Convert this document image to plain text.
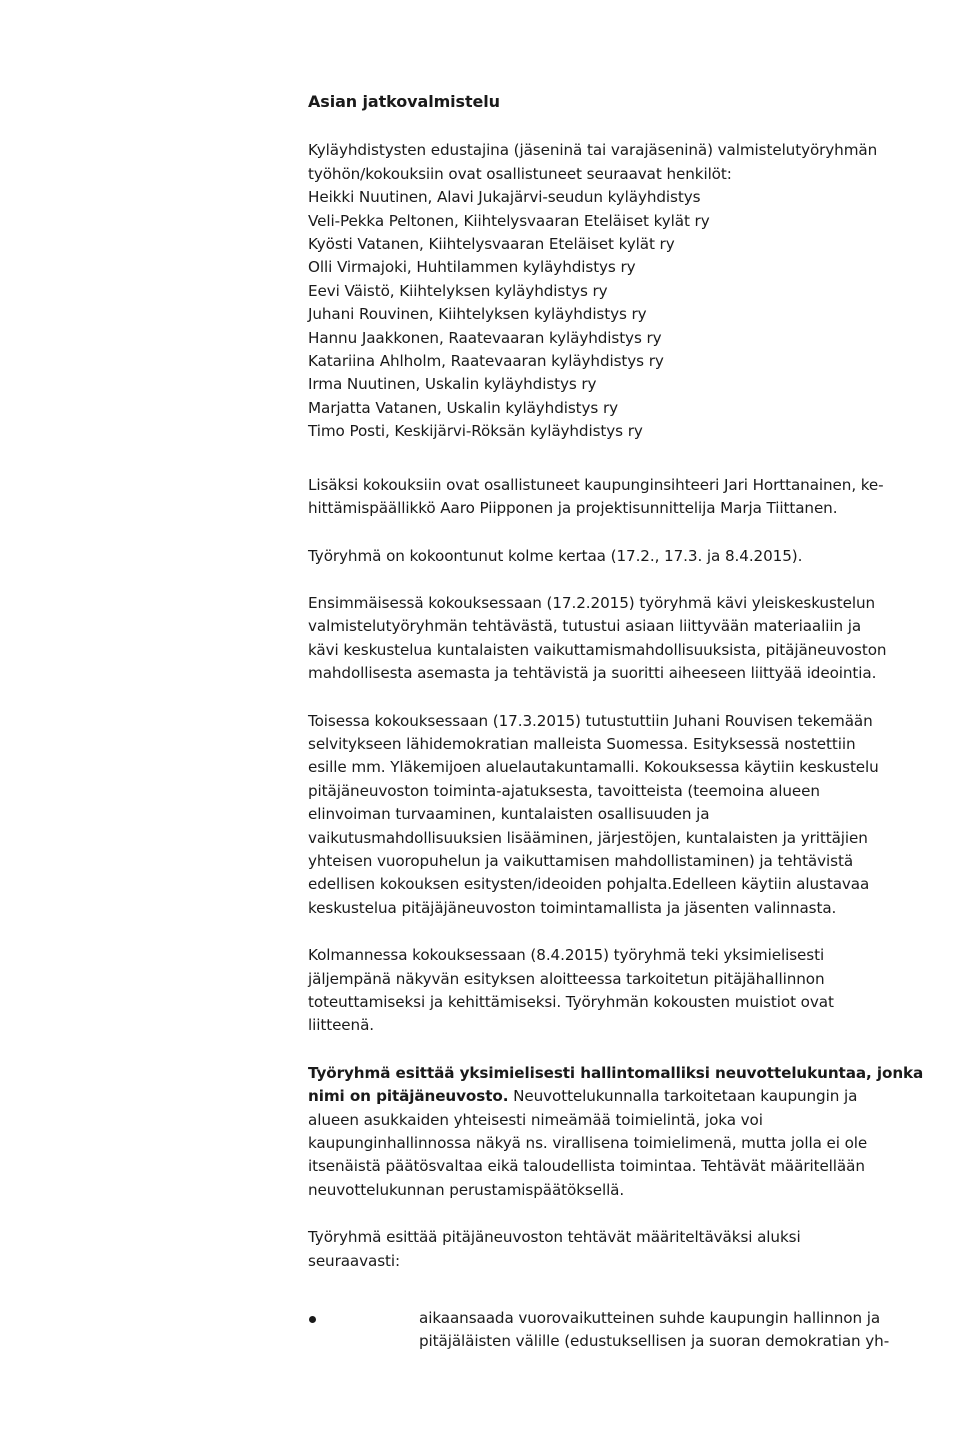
Asian jatkovalmistelu
Kyläyhdistysten edustajina (jäseninä tai varajäseninä) valmistelutyöryhmän
työhön/kokouksiin ovat osallistuneet seuraavat henkilöt:
Heikki Nuutinen, Alavi Jukajärvi-seudun kyläyhdistys
Veli-Pekka Peltonen, Kiihtelysvaaran Eteläiset kylät ry
Kyösti Vatanen, Kiihtelysvaaran Eteläiset kylät ry
Olli Virmajoki, Huhtilammen kyläyhdistys ry
Eevi Väistö, Kiihtelyksen kyläyhdistys ry
Juhani Rouvinen, Kiihtelyksen kyläyhdistys ry
Hannu Jaakkonen, Raatevaaran kyläyhdistys ry
Katariina Ahlholm, Raatevaaran kyläyhdistys ry
Irma Nuutinen, Uskalin kyläyhdistys ry
Marjatta Vatanen, Uskalin kyläyhdistys ry
Timo Posti, Keskijärvi-Röksän kyläyhdistys ry
Lisäksi kokouksiin ovat osallistuneet kaupunginsihteeri Jari Horttanainen, ke-
hittämispäällikkö Aaro Piipponen ja projektisunnittelija Marja Tiittanen.
Työryhmä on kokoontunut kolme kertaa (17.2., 17.3. ja 8.4.2015).
Ensimmäisessä kokouksessaan (17.2.2015) työryhmä kävi yleiskeskustelun
valmistelutyöryhmän tehtävästä, tutustui asiaan liittyvään materiaaliin ja
kävi keskustelua kuntalaisten vaikuttamismahdollisuuksista, pitäjäneuvoston
mahdollisesta asemasta ja tehtävistä ja suoritti aiheeseen liittyää ideointia.
Toisessa kokouksessaan (17.3.2015) tutustuttiin Juhani Rouvisen tekemään
selvitykseen lähidemokratian malleista Suomessa. Esityksessä nostettiin
esille mm. Yläkemijoen aluelautakuntamalli. Kokouksessa käytiin keskustelu
pitäjäneuvoston toiminta-ajatuksesta, tavoitteista (teemoina alueen
elinvoiman turvaaminen, kuntalaisten osallisuuden ja
vaikutusmahdollisuuksien lisääminen, järjestöjen, kuntalaisten ja yrittäjien
yhteisen vuoropuhelun ja vaikuttamisen mahdollistaminen) ja tehtävistä
edellisen kokouksen esitysten/ideoiden pohjalta.Edelleen käytiin alustavaa
keskustelua pitäjäjäneuvoston toimintamallista ja jäsenten valinnasta.
Kolmannessa kokouksessaan (8.4.2015) työryhmä teki yksimielisesti
jäljempänä näkyvän esityksen aloitteessa tarkoitetun pitäjähallinnon
toteuttamiseksi ja kehittämiseksi. Työryhmän kokousten muistiot ovat
liitteenä.
Työryhmä esittää yksimielisesti hallintomalliksi neuvottelukuntaa, jonka
nimi on pitäjäneuvosto. Neuvottelukunnalla tarkoitetaan kaupungin ja
alueen asukkaiden yhteisesti nimeämää toimielintä, joka voi
kaupunginhallinnossa näkyä ns. virallisena toimielimenä, mutta jolla ei ole
itsenäistä päätösvaltaa eikä taloudellista toimintaa. Tehtävät määritellään
neuvottelukunnan perustamispäätöksellä.
Työryhmä esittää pitäjäneuvoston tehtävät määriteltäväksi aluksi
seuraavasti:
aikaansaada vuorovaikutteinen suhde kaupungin hallinnon ja
pitäjäläisten välille (edustuksellisen ja suoran demokratian yh-
